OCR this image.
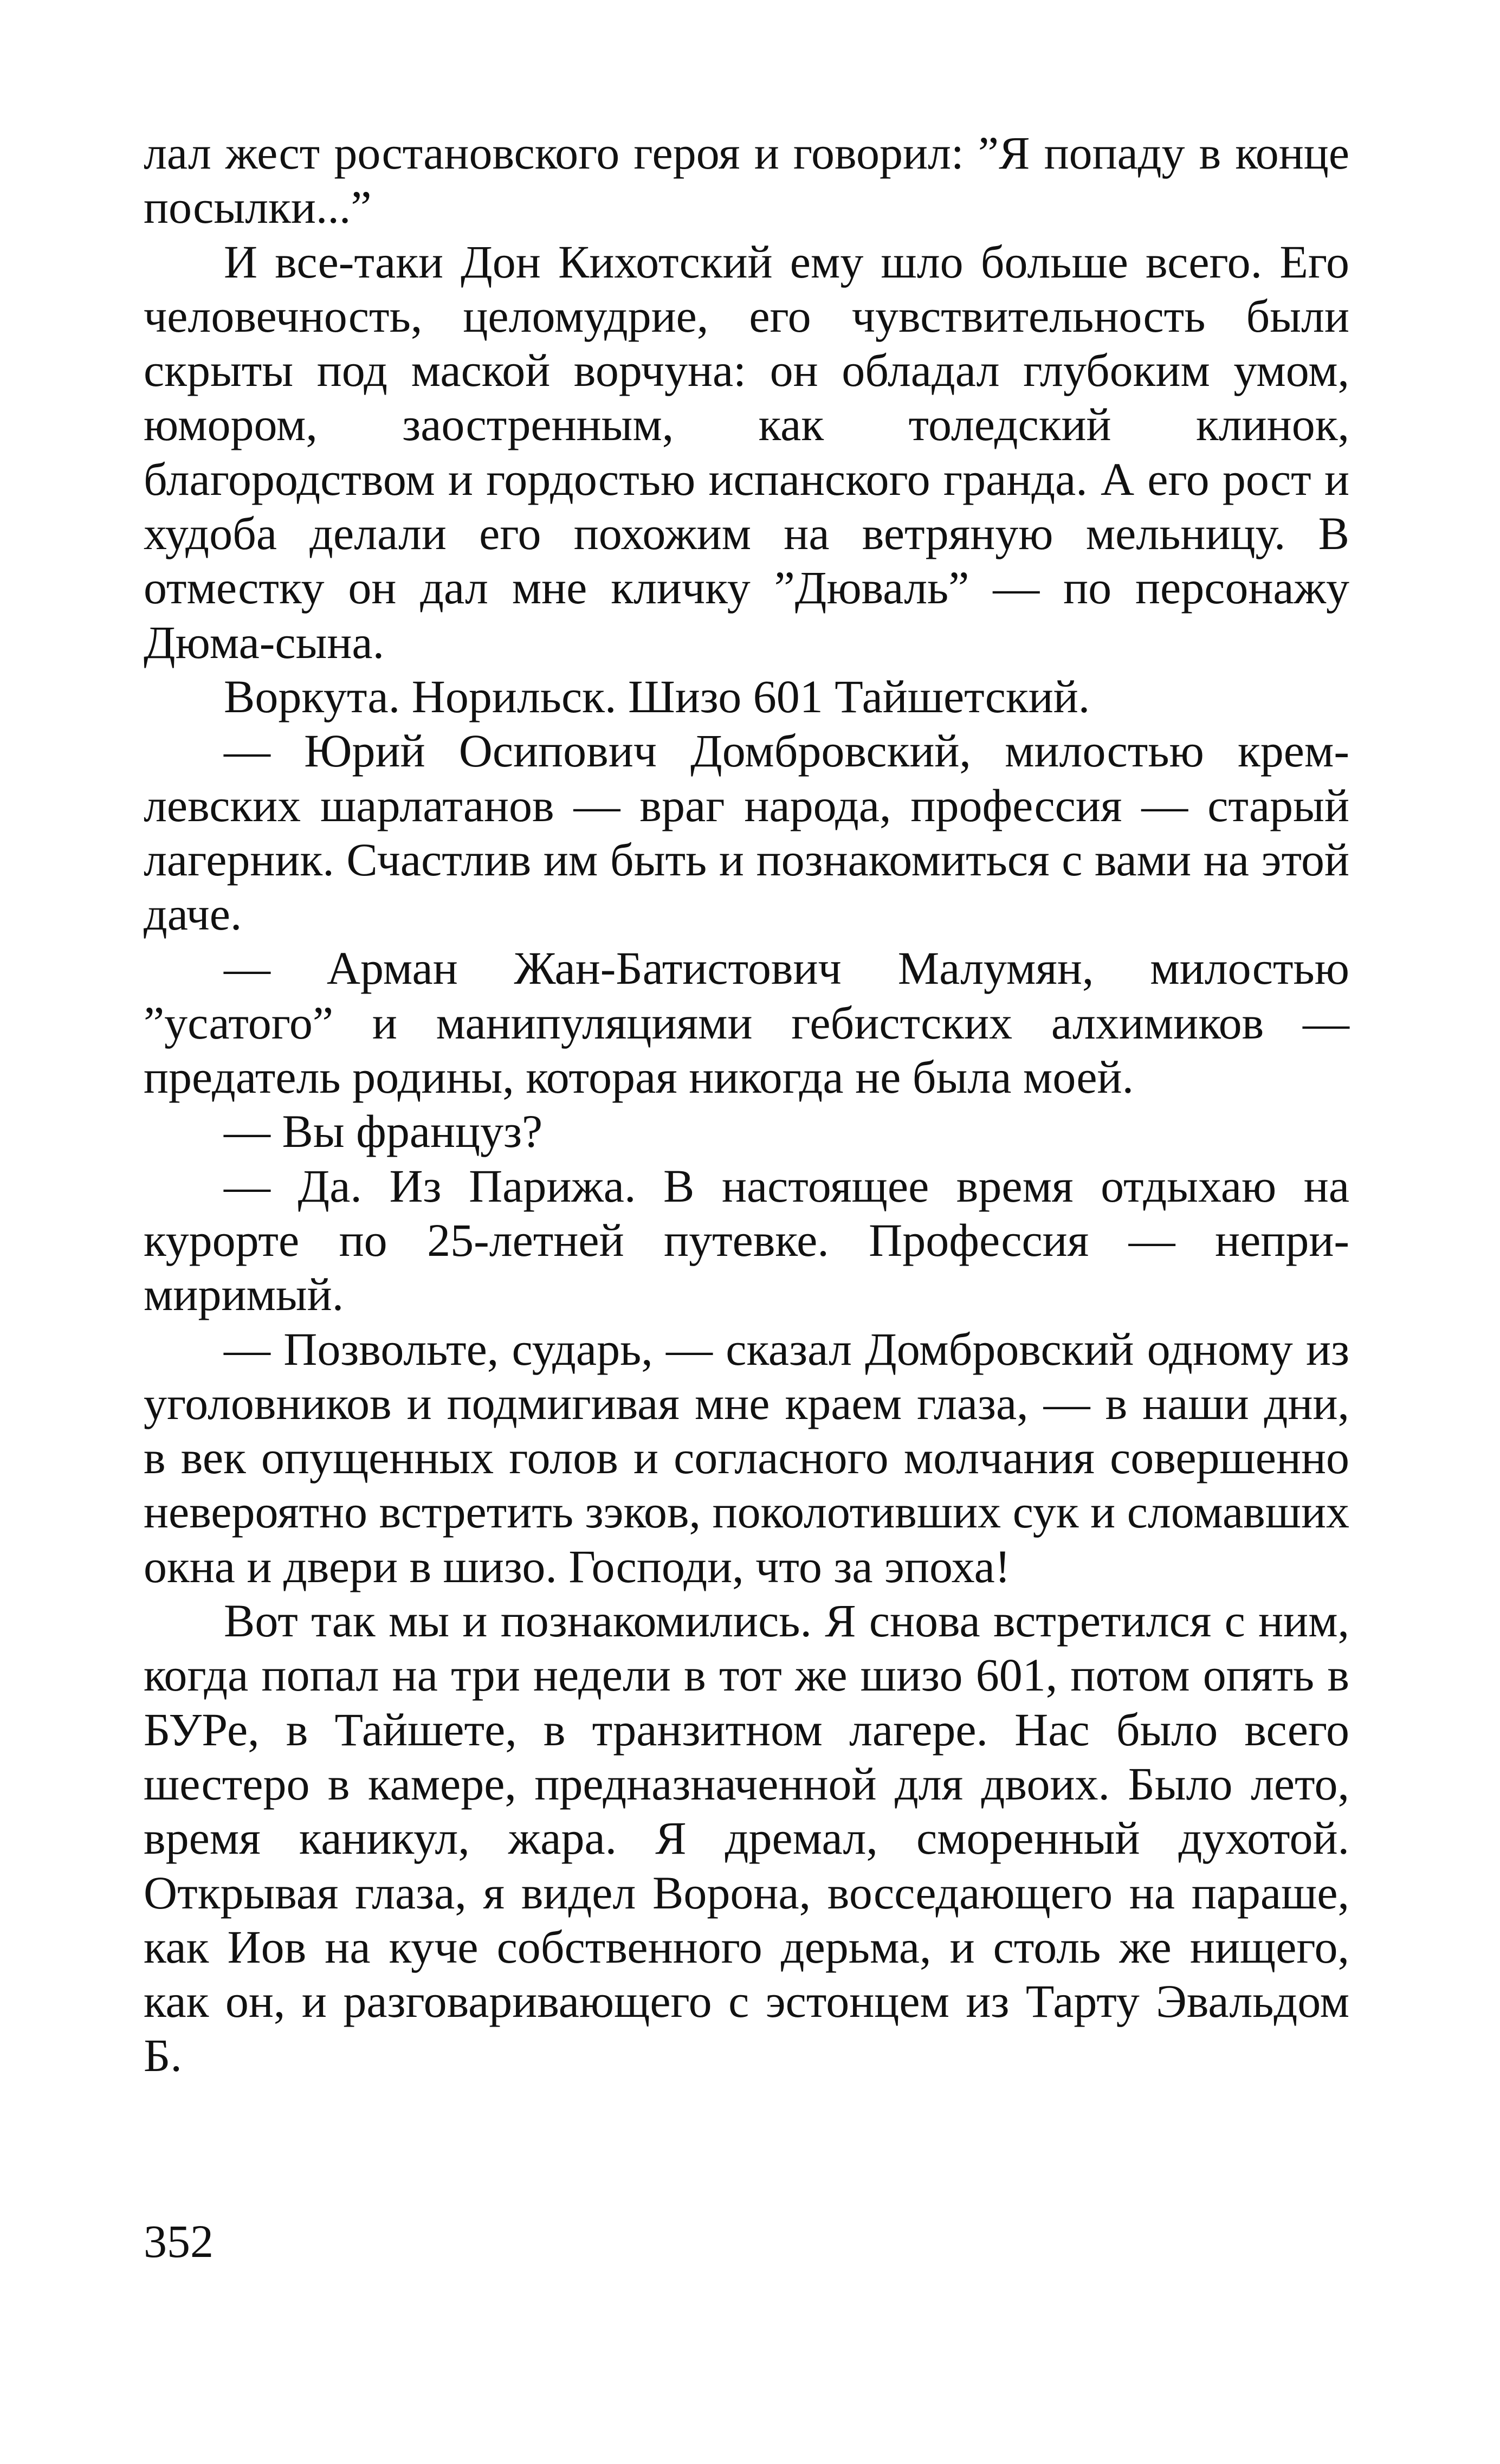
лал жест ростановского героя и говорил: ”Я попаду в конце посылки...”

И все-таки Дон Кихотский ему шло больше всего. Его человечность, целомудрие, его чувствительность были скрыты под маской ворчуна: он обладал глубоким умом, юмором, заостренным, как толедский клинок, благородством и гордостью испанского гранда. А его рост и худоба делали его похожим на ветряную мельницу. В отместку он дал мне кличку ”Дюваль” — по персонажу Дюма-сына.

Воркута. Норильск. Шизо 601 Тайшетский.

— Юрий Осипович Домбровский, милостью кремлевских шарлатанов — враг народа, профессия — старый лагерник. Счастлив им быть и познакомиться с вами на этой даче.

— Арман Жан-Батистович Малумян, милостью ”усатого” и манипуляциями гебистских алхимиков — предатель родины, которая никогда не была моей.

— Вы француз?

— Да. Из Парижа. В настоящее время отдыхаю на курорте по 25-летней путевке. Профессия — непримиримый.

— Позвольте, сударь, — сказал Домбровский одному из уголовников и подмигивая мне краем глаза, — в наши дни, в век опущенных голов и согласного молчания совершенно невероятно встретить зэков, поколотивших сук и сломавших окна и двери в шизо. Господи, что за эпоха!

Вот так мы и познакомились. Я снова встретился с ним, когда попал на три недели в тот же шизо 601, потом опять в БУРе, в Тайшете, в транзитном лагере. Нас было всего шестеро в камере, предназначенной для двоих. Было лето, время каникул, жара. Я дремал, сморенный духотой. Открывая глаза, я видел Ворона, восседающего на параше, как Иов на куче собственного дерьма, и столь же нищего, как он, и разговаривающего с эстонцем из Тарту Эвальдом Б.

352
